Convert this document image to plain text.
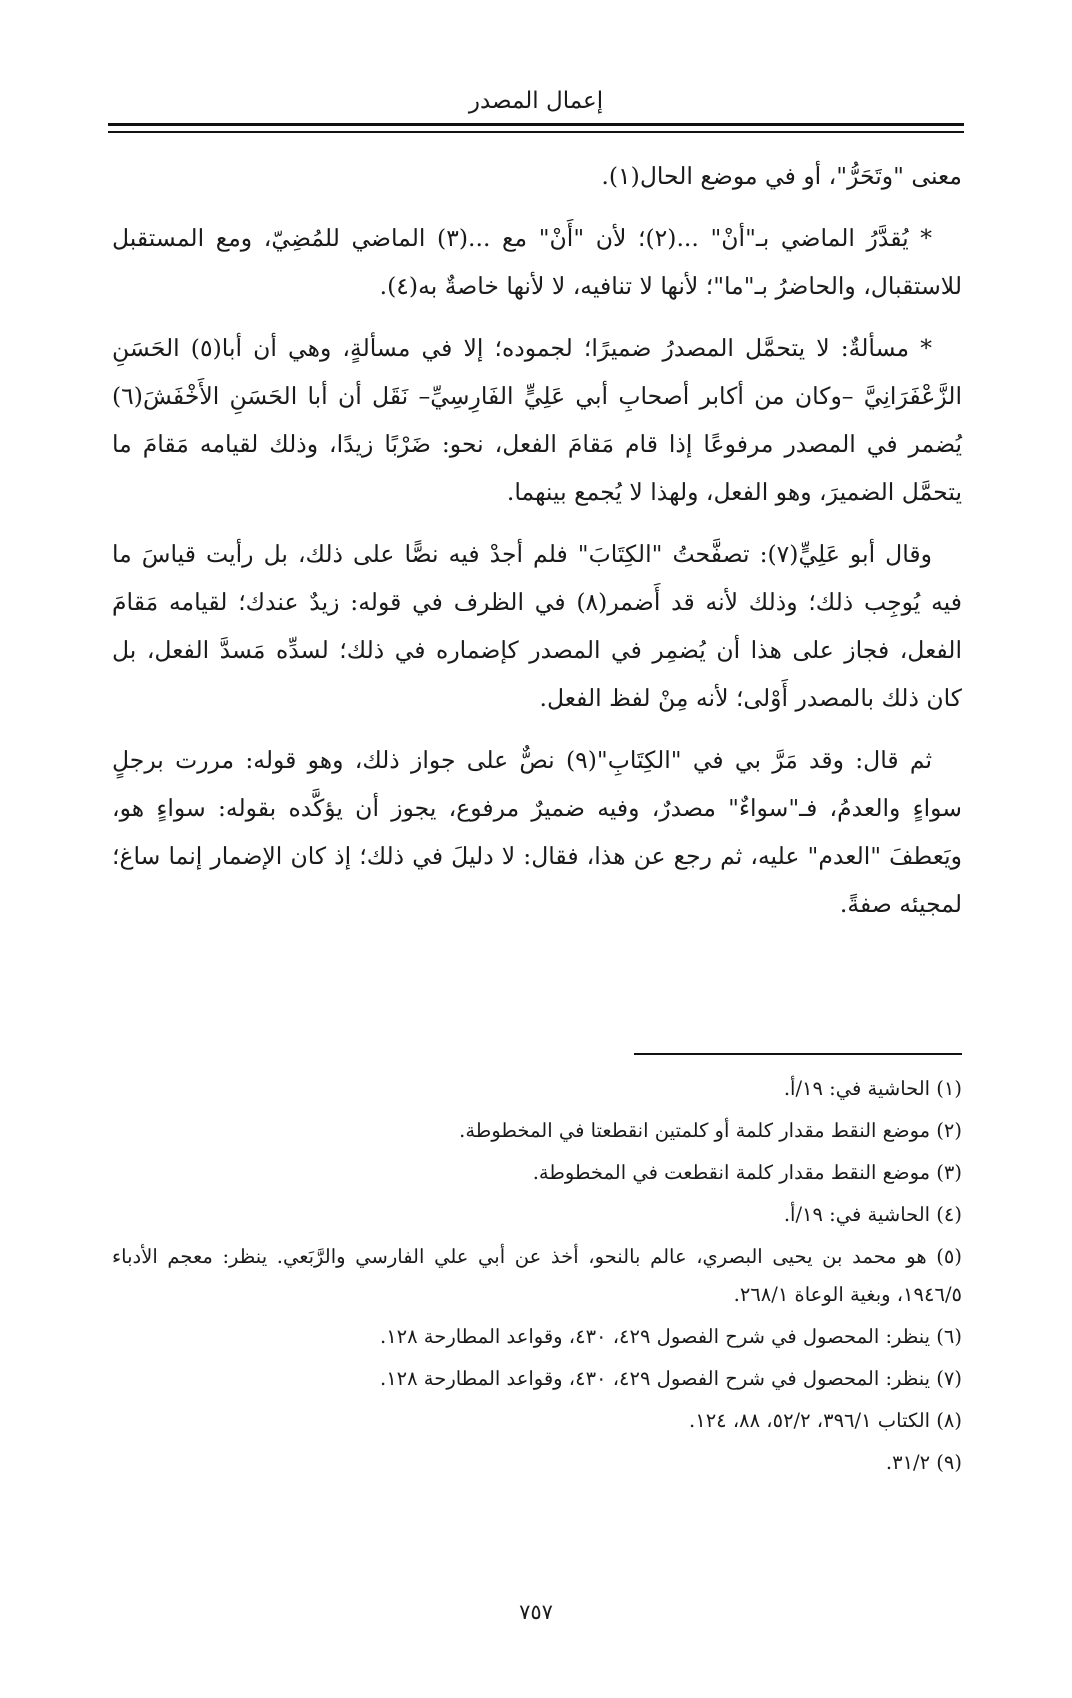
إعمال المصدر

معنى "وتَحَرُّ"، أو في موضع الحال(١).

* يُقدَّرُ الماضي بـ"أنْ" ...(٢)؛ لأن "أَنْ" مع ...(٣) الماضي للمُضِيّ، ومع المستقبل للاستقبال، والحاضرُ بـ"ما"؛ لأنها لا تنافيه، لا لأنها خاصةٌ به(٤).

* مسألةٌ: لا يتحمَّل المصدرُ ضميرًا؛ لجموده؛ إلا في مسألةٍ، وهي أن أبا(٥) الحَسَنِ الزَّعْفَرَانِيَّ –وكان من أكابر أصحابِ أبي عَلِيٍّ الفَارِسِيِّ– نَقَل أن أبا الحَسَنِ الأَخْفَشَ(٦) يُضمر في المصدر مرفوعًا إذا قام مَقامَ الفعل، نحو: ضَرْبًا زيدًا، وذلك لقيامه مَقامَ ما يتحمَّل الضميرَ، وهو الفعل، ولهذا لا يُجمع بينهما.

وقال أبو عَلِيٍّ(٧): تصفَّحتُ "الكِتَابَ" فلم أجدْ فيه نصًّا على ذلك، بل رأيت قياسَ ما فيه يُوجِب ذلك؛ وذلك لأنه قد أَضمر(٨) في الظرف في قوله: زيدٌ عندك؛ لقيامه مَقامَ الفعل، فجاز على هذا أن يُضمِر في المصدر كإضماره في ذلك؛ لسدِّه مَسدَّ الفعل، بل كان ذلك بالمصدر أَوْلى؛ لأنه مِنْ لفظ الفعل.

ثم قال: وقد مَرَّ بي في "الكِتَابِ"(٩) نصٌّ على جواز ذلك، وهو قوله: مررت برجلٍ سواءٍ والعدمُ، فـ"سواءٌ" مصدرٌ، وفيه ضميرٌ مرفوع، يجوز أن يؤكَّده بقوله: سواءٍ هو، ويَعطفَ "العدم" عليه، ثم رجع عن هذا، فقال: لا دليلَ في ذلك؛ إذ كان الإضمار إنما ساغ؛ لمجيئه صفةً.

(١) الحاشية في: ١٩/أ.

(٢) موضع النقط مقدار كلمة أو كلمتين انقطعتا في المخطوطة.

(٣) موضع النقط مقدار كلمة انقطعت في المخطوطة.

(٤) الحاشية في: ١٩/أ.

(٥) هو محمد بن يحيى البصري، عالم بالنحو، أخذ عن أبي علي الفارسي والرَّبَعي. ينظر: معجم الأدباء ١٩٤٦/٥، وبغية الوعاة ٢٦٨/١.

(٦) ينظر: المحصول في شرح الفصول ٤٢٩، ٤٣٠، وقواعد المطارحة ١٢٨.

(٧) ينظر: المحصول في شرح الفصول ٤٢٩، ٤٣٠، وقواعد المطارحة ١٢٨.

(٨) الكتاب ٣٩٦/١، ٥٢/٢، ٨٨، ١٢٤.

(٩) ٣١/٢.

٧٥٧
